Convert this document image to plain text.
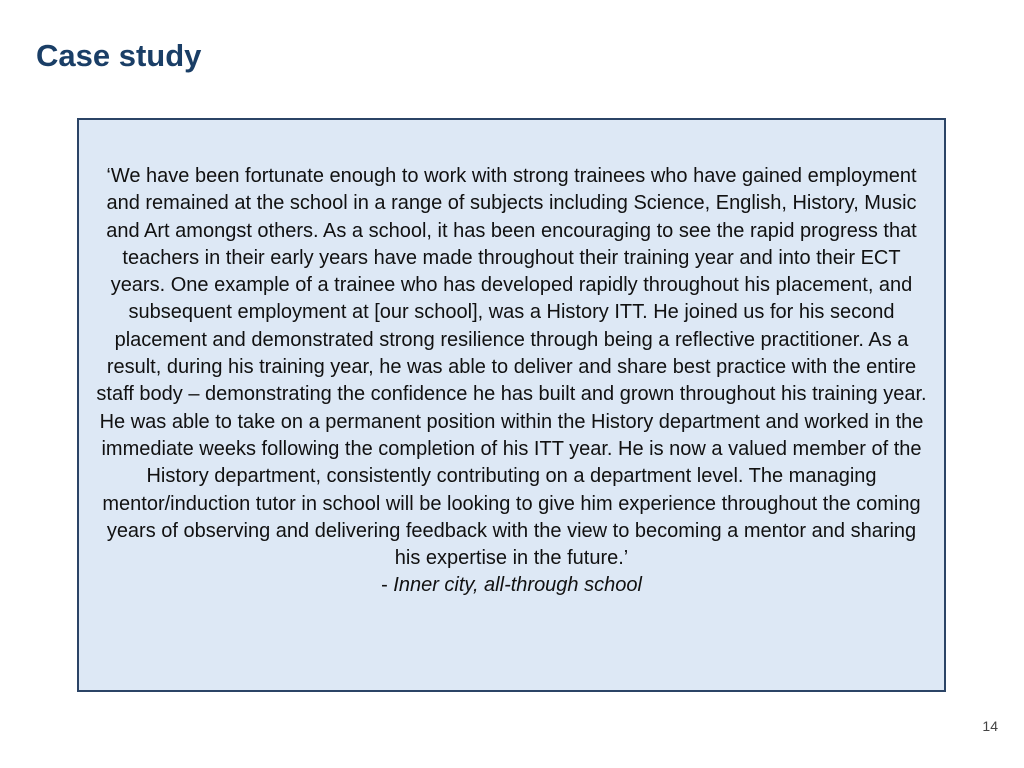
Case study

‘We have been fortunate enough to work with strong trainees who have gained employment and remained at the school in a range of subjects including Science, English, History, Music and Art amongst others. As a school, it has been encouraging to see the rapid progress that teachers in their early years have made throughout their training year and into their ECT years. One example of a trainee who has developed rapidly throughout his placement, and subsequent employment at [our school], was a History ITT. He joined us for his second placement and demonstrated strong resilience through being a reflective practitioner. As a result, during his training year, he was able to deliver and share best practice with the entire staff body – demonstrating the confidence he has built and grown throughout his training year. He was able to take on a permanent position within the History department and worked in the immediate weeks following the completion of his ITT year. He is now a valued member of the History department, consistently contributing on a department level. The managing mentor/induction tutor in school will be looking to give him experience throughout the coming years of observing and delivering feedback with the view to becoming a mentor and sharing his expertise in the future.’

- Inner city, all-through school

14
